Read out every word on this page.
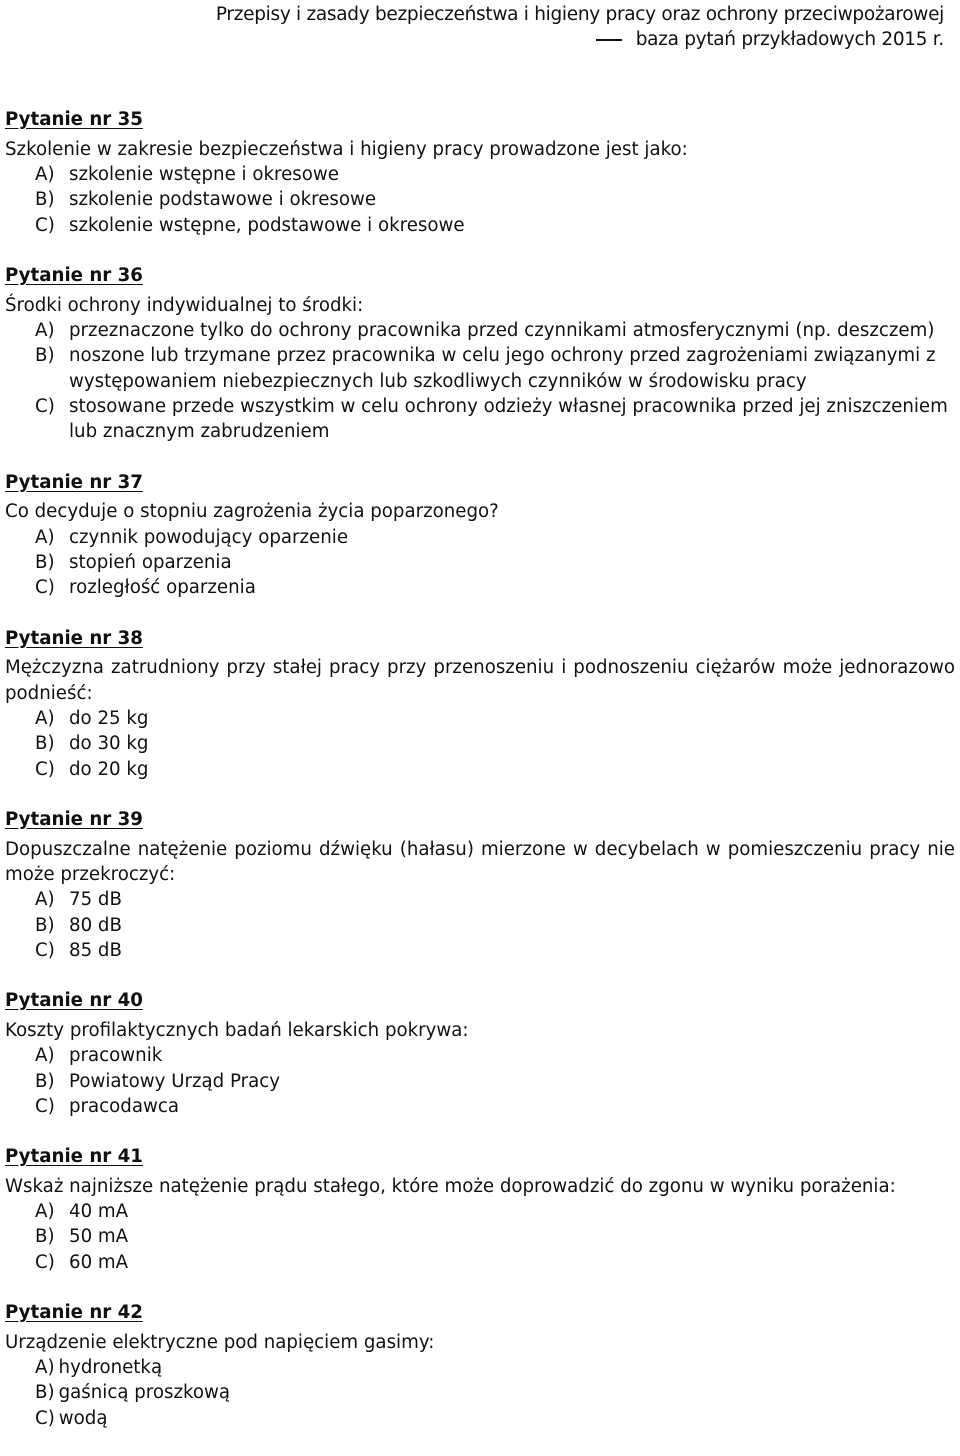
Przepisy i zasady bezpieczeństwa i higieny pracy oraz ochrony przeciwpożarowej
baza pytań przykładowych 2015 r.
Pytanie nr 35
Szkolenie w zakresie bezpieczeństwa i higieny pracy prowadzone jest jako:
A) szkolenie wstępne i okresowe
B) szkolenie podstawowe i okresowe
C) szkolenie wstępne, podstawowe i okresowe
Pytanie nr 36
Środki ochrony indywidualnej to środki:
A) przeznaczone tylko do ochrony pracownika przed czynnikami atmosferycznymi (np. deszczem)
B) noszone lub trzymane przez pracownika w celu jego ochrony przed zagrożeniami związanymi z występowaniem niebezpiecznych lub szkodliwych czynników w środowisku pracy
C) stosowane przede wszystkim w celu ochrony odzieży własnej pracownika przed jej zniszczeniem lub znacznym zabrudzeniem
Pytanie nr 37
Co decyduje o stopniu zagrożenia życia poparzonego?
A) czynnik powodujący oparzenie
B) stopień oparzenia
C) rozległość oparzenia
Pytanie nr 38
Mężczyzna zatrudniony przy stałej pracy przy przenoszeniu i podnoszeniu ciężarów może jednorazowo podnieść:
A) do 25 kg
B) do 30 kg
C) do 20 kg
Pytanie nr 39
Dopuszczalne natężenie poziomu dźwięku (hałasu) mierzone w decybelach w pomieszczeniu pracy nie może przekroczyć:
A) 75 dB
B) 80 dB
C) 85 dB
Pytanie nr 40
Koszty profilaktycznych badań lekarskich pokrywa:
A) pracownik
B) Powiatowy Urząd Pracy
C) pracodawca
Pytanie nr 41
Wskaż najniższe natężenie prądu stałego, które może doprowadzić do zgonu w wyniku porażenia:
A) 40 mA
B) 50 mA
C) 60 mA
Pytanie nr 42
Urządzenie elektryczne pod napięciem gasimy:
A) hydronetką
B) gaśnicą proszkową
C) wodą
